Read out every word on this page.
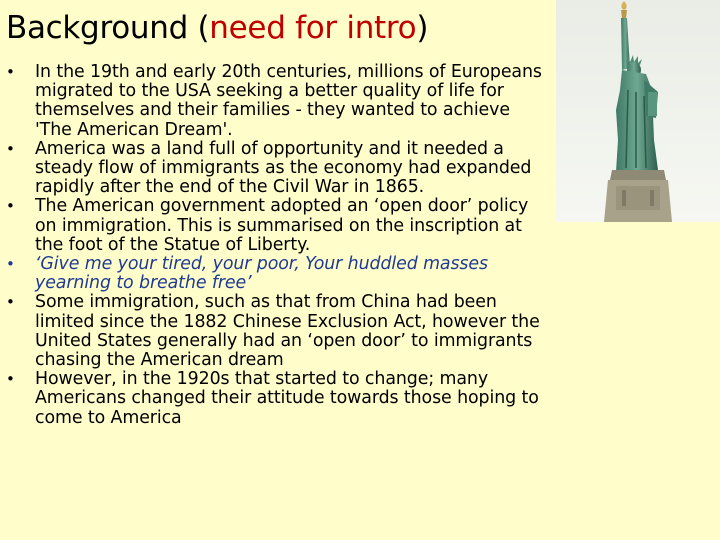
Background (need for intro)
•	In the 19th and early 20th centuries, millions of Europeans migrated to the USA seeking a better quality of life for themselves and their families - they wanted to achieve 'The American Dream'.
•	America was a land full of opportunity and it needed a steady flow of immigrants as the economy had expanded rapidly after the end of the Civil War in 1865.
•	The American government adopted an ‘open door’ policy on immigration. This is summarised on the inscription at the foot of the Statue of Liberty.
•	‘Give me your tired, your poor, Your huddled masses yearning to breathe free’
•	Some immigration, such as that from China had been limited since the 1882 Chinese Exclusion Act, however the United States generally had an ‘open door’ to immigrants chasing the American dream
•	However, in the 1920s that started to change; many Americans changed their attitude towards those hoping to come to America
